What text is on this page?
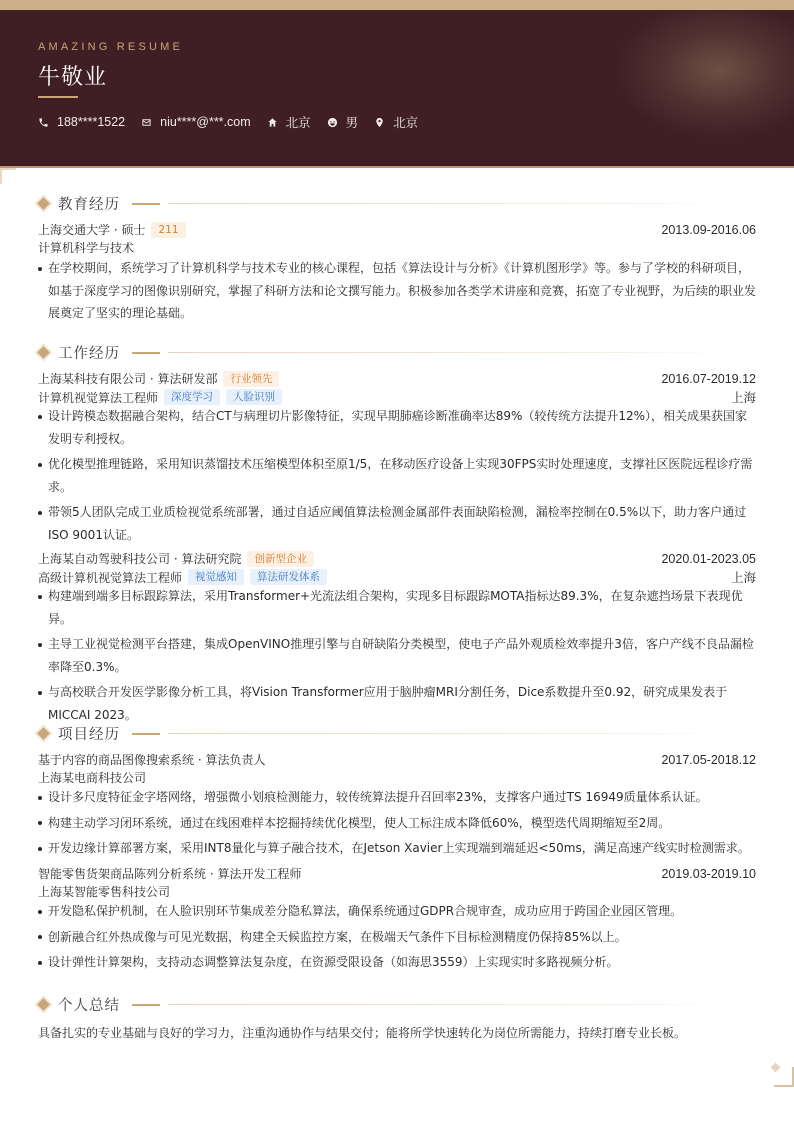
AMAZING RESUME
牛敬业
188****1522	niu****@***.com	北京	男	北京
教育经历
上海交通大学 · 硕士	211	2013.09-2016.06
计算机科学与技术
在学校期间，系统学习了计算机科学与技术专业的核心课程，包括《算法设计与分析》《计算机图形学》等。参与了学校的科研项目，如基于深度学习的图像识别研究，掌握了科研方法和论文撰写能力。积极参加各类学术讲座和竞赛，拓宽了专业视野，为后续的职业发展奠定了坚实的理论基础。
工作经历
上海某科技有限公司 · 算法研发部	行业领先	2016.07-2019.12
计算机视觉算法工程师	深度学习	人脸识别	上海
设计跨模态数据融合架构，结合CT与病理切片影像特征，实现早期肺癌诊断准确率达89%（较传统方法提升12%），相关成果获国家发明专利授权。
优化模型推理链路，采用知识蒸馏技术压缩模型体积至原1/5，在移动医疗设备上实现30FPS实时处理速度，支撑社区医院远程诊疗需求。
带领5人团队完成工业质检视觉系统部署，通过自适应阈值算法检测金属部件表面缺陷检测，漏检率控制在0.5%以下，助力客户通过ISO 9001认证。
上海某自动驾驶科技公司 · 算法研究院	创新型企业	2020.01-2023.05
高级计算机视觉算法工程师	视觉感知	算法研发体系	上海
构建端到端多目标跟踪算法，采用Transformer+光流法组合架构，实现多目标跟踪MOTA指标达89.3%，在复杂遮挡场景下表现优异。
主导工业视觉检测平台搭建，集成OpenVINO推理引擎与自研缺陷分类模型，使电子产品外观质检效率提升3倍，客户产线不良品漏检率降至0.3%。
与高校联合开发医学影像分析工具，将Vision Transformer应用于脑肿瘤MRI分割任务，Dice系数提升至0.92，研究成果发表于MICCAI 2023。
项目经历
基于内容的商品图像搜索系统 · 算法负责人	2017.05-2018.12
上海某电商科技公司
设计多尺度特征金字塔网络，增强微小划痕检测能力，较传统算法提升召回率23%，支撑客户通过TS 16949质量体系认证。
构建主动学习闭环系统，通过在线困难样本挖掘持续优化模型，使人工标注成本降低60%，模型迭代周期缩短至2周。
开发边缘计算部署方案，采用INT8量化与算子融合技术，在Jetson Xavier上实现端到端延迟<50ms，满足高速产线实时检测需求。
智能零售货架商品陈列分析系统 · 算法开发工程师	2019.03-2019.10
上海某智能零售科技公司
开发隐私保护机制，在人脸识别环节集成差分隐私算法，确保系统通过GDPR合规审查，成功应用于跨国企业园区管理。
创新融合红外热成像与可见光数据，构建全天候监控方案，在极端天气条件下目标检测精度仍保持85%以上。
设计弹性计算架构，支持动态调整算法复杂度，在资源受限设备（如海思3559）上实现实时多路视频分析。
个人总结
具备扎实的专业基础与良好的学习力，注重沟通协作与结果交付；能将所学快速转化为岗位所需能力，持续打磨专业长板。
